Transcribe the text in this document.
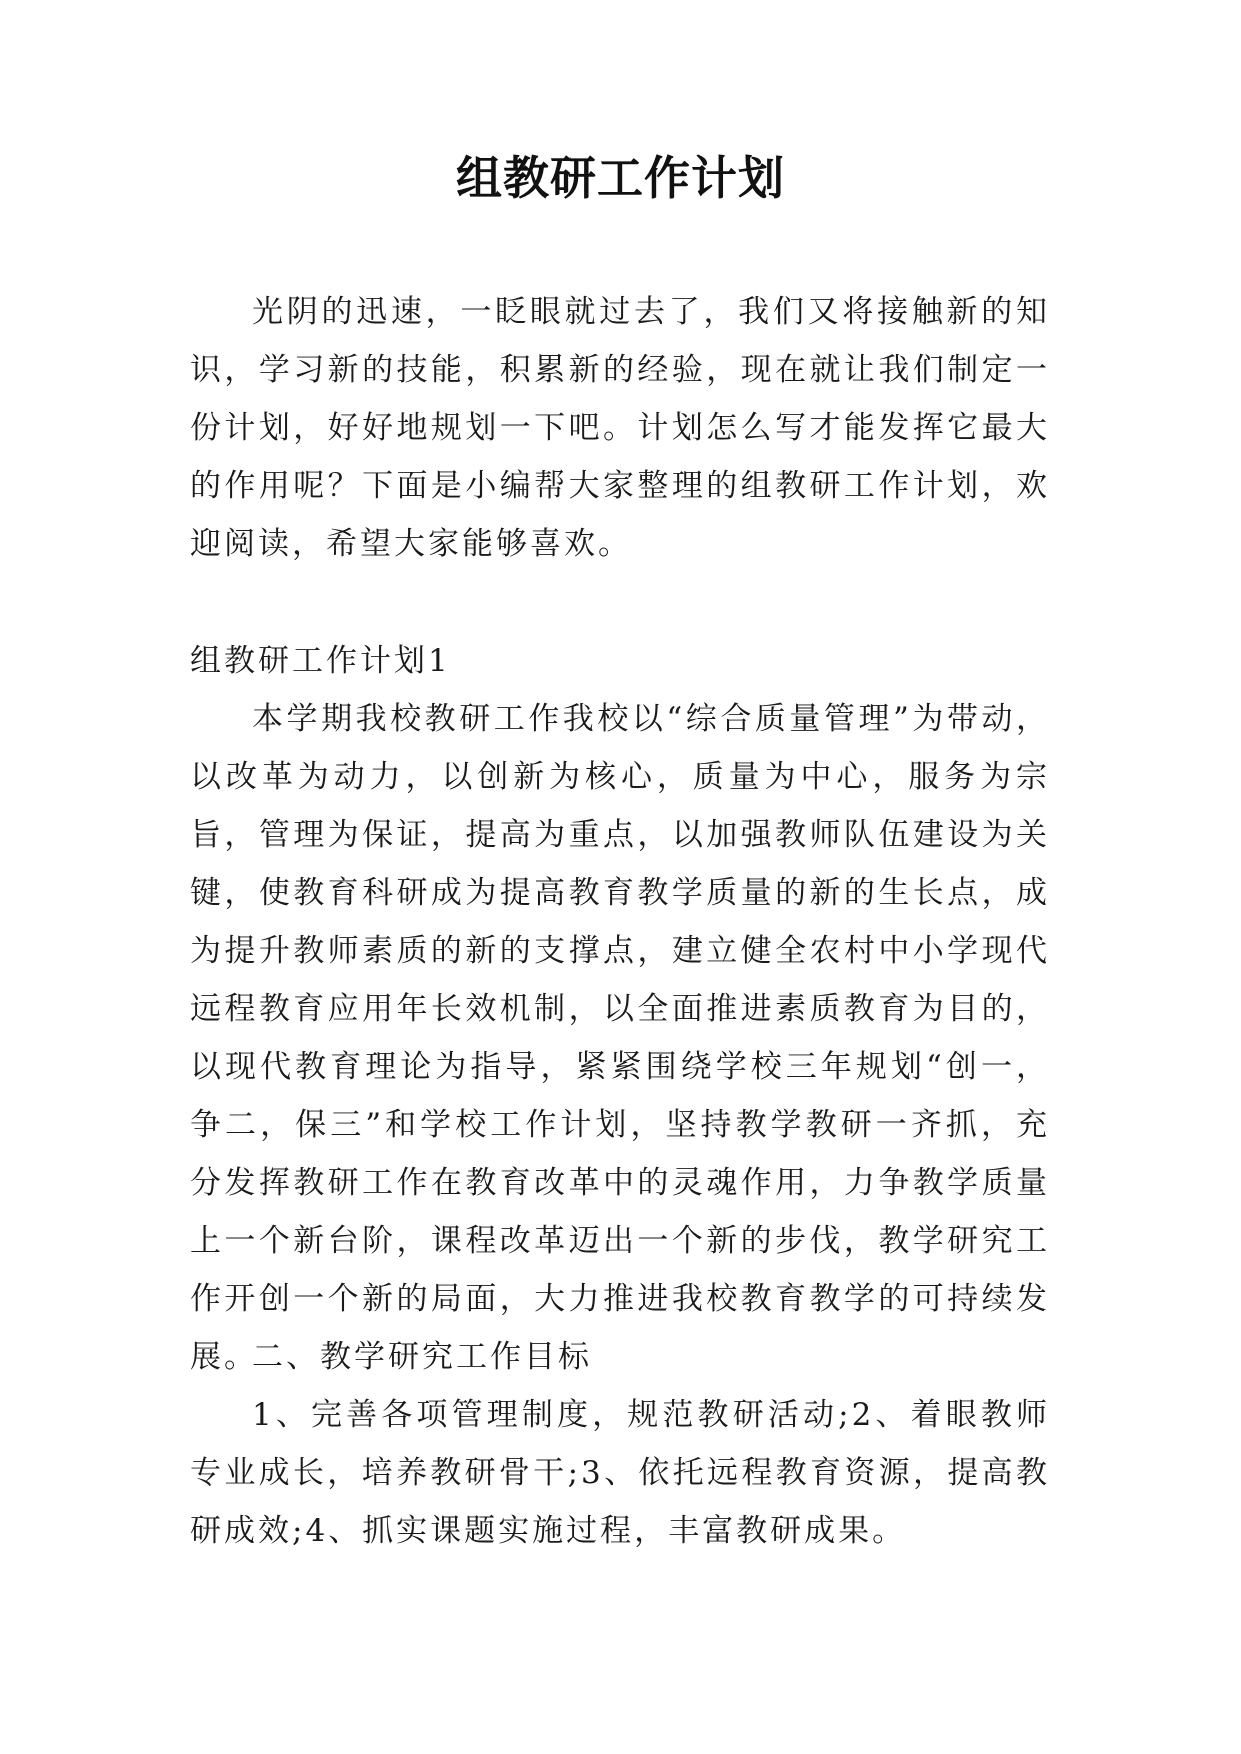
组教研工作计划

光阴的迅速，一眨眼就过去了，我们又将接触新的知识，学习新的技能，积累新的经验，现在就让我们制定一份计划，好好地规划一下吧。计划怎么写才能发挥它最大的作用呢？下面是小编帮大家整理的组教研工作计划，欢迎阅读，希望大家能够喜欢。

组教研工作计划1

本学期我校教研工作我校以“综合质量管理”为带动，以改革为动力，以创新为核心，质量为中心，服务为宗旨，管理为保证，提高为重点，以加强教师队伍建设为关键，使教育科研成为提高教育教学质量的新的生长点，成为提升教师素质的新的支撑点，建立健全农村中小学现代远程教育应用年长效机制，以全面推进素质教育为目的，以现代教育理论为指导，紧紧围绕学校三年规划“创一，争二，保三”和学校工作计划，坚持教学教研一齐抓，充分发挥教研工作在教育改革中的灵魂作用，力争教学质量上一个新台阶，课程改革迈出一个新的步伐，教学研究工作开创一个新的局面，大力推进我校教育教学的可持续发展。

二、教学研究工作目标

1、完善各项管理制度，规范教研活动;2、着眼教师专业成长，培养教研骨干;3、依托远程教育资源，提高教研成效;4、抓实课题实施过程，丰富教研成果。
